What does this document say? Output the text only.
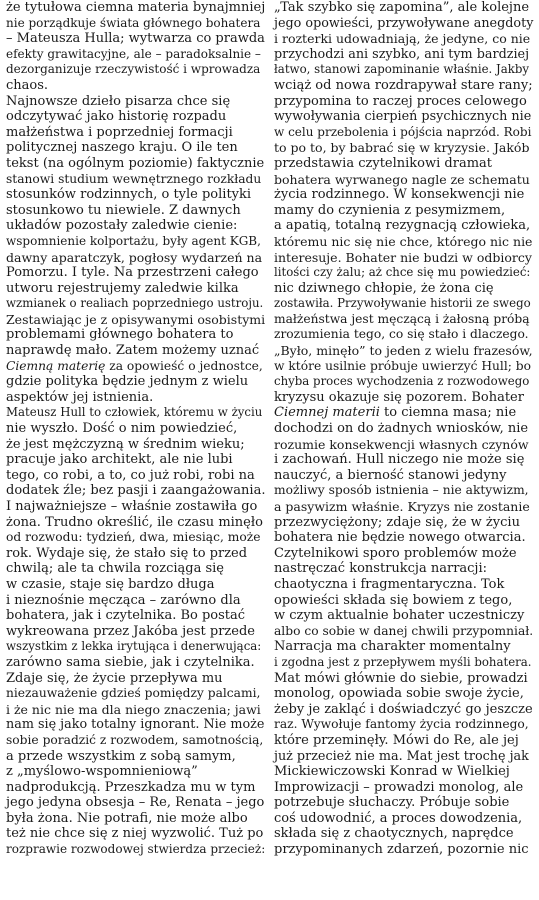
że tytułowa ciemna materia bynajmniej
nie porządkuje świata głównego bohatera
– Mateusza Hulla; wytwarza co prawda
efekty grawitacyjne, ale – paradoksalnie –
dezorganizuje rzeczywistość i wprowadza
chaos.
Najnowsze dzieło pisarza chce się
odczytywać jako historię rozpadu
małżeństwa i poprzedniej formacji
politycznej naszego kraju. O ile ten
tekst (na ogólnym poziomie) faktycznie
stanowi studium wewnętrznego rozkładu
stosunków rodzinnych, o tyle polityki
stosunkowo tu niewiele. Z dawnych
układów pozostały zaledwie cienie:
wspomnienie kolportażu, były agent KGB,
dawny aparatczyk, pogłosy wydarzeń na
Pomorzu. I tyle. Na przestrzeni całego
utworu rejestrujemy zaledwie kilka
wzmianek o realiach poprzedniego ustroju.
Zestawiając je z opisywanymi osobistymi
problemami głównego bohatera to
naprawdę mało. Zatem możemy uznać
Ciemną materię za opowieść o jednostce,
gdzie polityka będzie jednym z wielu
aspektów jej istnienia.
Mateusz Hull to człowiek, któremu w życiu
nie wyszło. Dość o nim powiedzieć,
że jest mężczyzną w średnim wieku;
pracuje jako architekt, ale nie lubi
tego, co robi, a to, co już robi, robi na
dodatek źle; bez pasji i zaangażowania.
I najważniejsze – właśnie zostawiła go
żona. Trudno określić, ile czasu minęło
od rozwodu: tydzień, dwa, miesiąc, może
rok. Wydaje się, że stało się to przed
chwilą; ale ta chwila rozciąga się
w czasie, staje się bardzo długa
i nieznośnie męcząca – zarówno dla
bohatera, jak i czytelnika. Bo postać
wykreowana przez Jakóba jest przede
wszystkim z lekka irytująca i denerwująca:
zarówno sama siebie, jak i czytelnika.
Zdaje się, że życie przepływa mu
niezauważenie gdzieś pomiędzy palcami,
i że nic nie ma dla niego znaczenia; jawi
nam się jako totalny ignorant. Nie może
sobie poradzić z rozwodem, samotnością,
a przede wszystkim z sobą samym,
z „myślowo-wspomnieniową”
nadprodukcją. Przeszkadza mu w tym
jego jedyna obsesja – Re, Renata – jego
była żona. Nie potrafi, nie może albo
też nie chce się z niej wyzwolić. Tuż po
rozprawie rozwodowej stwierdza przecież:
„Tak szybko się zapomina”, ale kolejne
jego opowieści, przywoływane anegdoty
i rozterki udowadniają, że jedyne, co nie
przychodzi ani szybko, ani tym bardziej
łatwo, stanowi zapominanie właśnie. Jakby
wciąż od nowa rozdrapywał stare rany;
przypomina to raczej proces celowego
wywoływania cierpień psychicznych nie
w celu przebolenia i pójścia naprzód. Robi
to po to, by babrać się w kryzysie. Jakób
przedstawia czytelnikowi dramat
bohatera wyrwanego nagle ze schematu
życia rodzinnego. W konsekwencji nie
mamy do czynienia z pesymizmem,
a apatią, totalną rezygnacją człowieka,
któremu nic się nie chce, którego nic nie
interesuje. Bohater nie budzi w odbiorcy
litości czy żalu; aż chce się mu powiedzieć:
nic dziwnego chłopie, że żona cię
zostawiła. Przywoływanie historii ze swego
małżeństwa jest męczącą i żałosną próbą
zrozumienia tego, co się stało i dlaczego.
„Było, minęło” to jeden z wielu frazesów,
w które usilnie próbuje uwierzyć Hull; bo
chyba proces wychodzenia z rozwodowego
kryzysu okazuje się pozorem. Bohater
Ciemnej materii to ciemna masa; nie
dochodzi on do żadnych wniosków, nie
rozumie konsekwencji własnych czynów
i zachowań. Hull niczego nie może się
nauczyć, a bierność stanowi jedyny
możliwy sposób istnienia – nie aktywizm,
a pasywizm właśnie. Kryzys nie zostanie
przezwyciężony; zdaje się, że w życiu
bohatera nie będzie nowego otwarcia.
Czytelnikowi sporo problemów może
nastręczać konstrukcja narracji:
chaotyczna i fragmentaryczna. Tok
opowieści składa się bowiem z tego,
w czym aktualnie bohater uczestniczy
albo co sobie w danej chwili przypomniał.
Narracja ma charakter momentalny
i zgodna jest z przepływem myśli bohatera.
Mat mówi głównie do siebie, prowadzi
monolog, opowiada sobie swoje życie,
żeby je zakląć i doświadczyć go jeszcze
raz. Wywołuje fantomy życia rodzinnego,
które przeminęły. Mówi do Re, ale jej
już przecież nie ma. Mat jest trochę jak
Mickiewiczowski Konrad w Wielkiej
Improwizacji – prowadzi monolog, ale
potrzebuje słuchaczy. Próbuje sobie
coś udowodnić, a proces dowodzenia,
składa się z chaotycznych, naprędce
przypominanych zdarzeń, pozornie nic
